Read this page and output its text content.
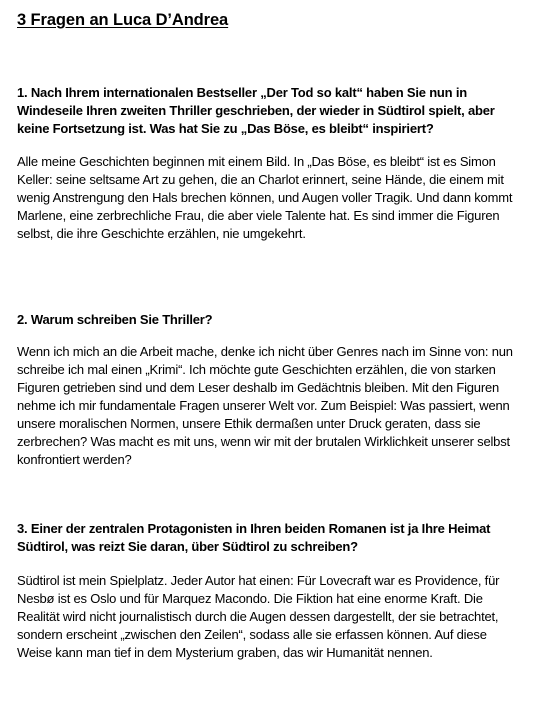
3 Fragen an Luca D’Andrea

1. Nach Ihrem internationalen Bestseller „Der Tod so kalt“ haben Sie nun in Windeseile Ihren zweiten Thriller geschrieben, der wieder in Südtirol spielt, aber keine Fortsetzung ist. Was hat Sie zu „Das Böse, es bleibt“ inspiriert?

Alle meine Geschichten beginnen mit einem Bild. In „Das Böse, es bleibt“ ist es Simon Keller: seine seltsame Art zu gehen, die an Charlot erinnert, seine Hände, die einem mit wenig Anstrengung den Hals brechen können, und Augen voller Tragik. Und dann kommt Marlene, eine zerbrechliche Frau, die aber viele Talente hat. Es sind immer die Figuren selbst, die ihre Geschichte erzählen, nie umgekehrt.

2. Warum schreiben Sie Thriller?

Wenn ich mich an die Arbeit mache, denke ich nicht über Genres nach im Sinne von: nun schreibe ich mal einen „Krimi“. Ich möchte gute Geschichten erzählen, die von starken Figuren getrieben sind und dem Leser deshalb im Gedächtnis bleiben. Mit den Figuren nehme ich mir fundamentale Fragen unserer Welt vor. Zum Beispiel: Was passiert, wenn unsere moralischen Normen, unsere Ethik dermaßen unter Druck geraten, dass sie zerbrechen? Was macht es mit uns, wenn wir mit der brutalen Wirklichkeit unserer selbst konfrontiert werden?

3. Einer der zentralen Protagonisten in Ihren beiden Romanen ist ja Ihre Heimat Südtirol, was reizt Sie daran, über Südtirol zu schreiben?

Südtirol ist mein Spielplatz. Jeder Autor hat einen: Für Lovecraft war es Providence, für Nesbø ist es Oslo und für Marquez Macondo. Die Fiktion hat eine enorme Kraft. Die Realität wird nicht journalistisch durch die Augen dessen dargestellt, der sie betrachtet, sondern erscheint „zwischen den Zeilen“, sodass alle sie erfassen können. Auf diese Weise kann man tief in dem Mysterium graben, das wir Humanität nennen.
